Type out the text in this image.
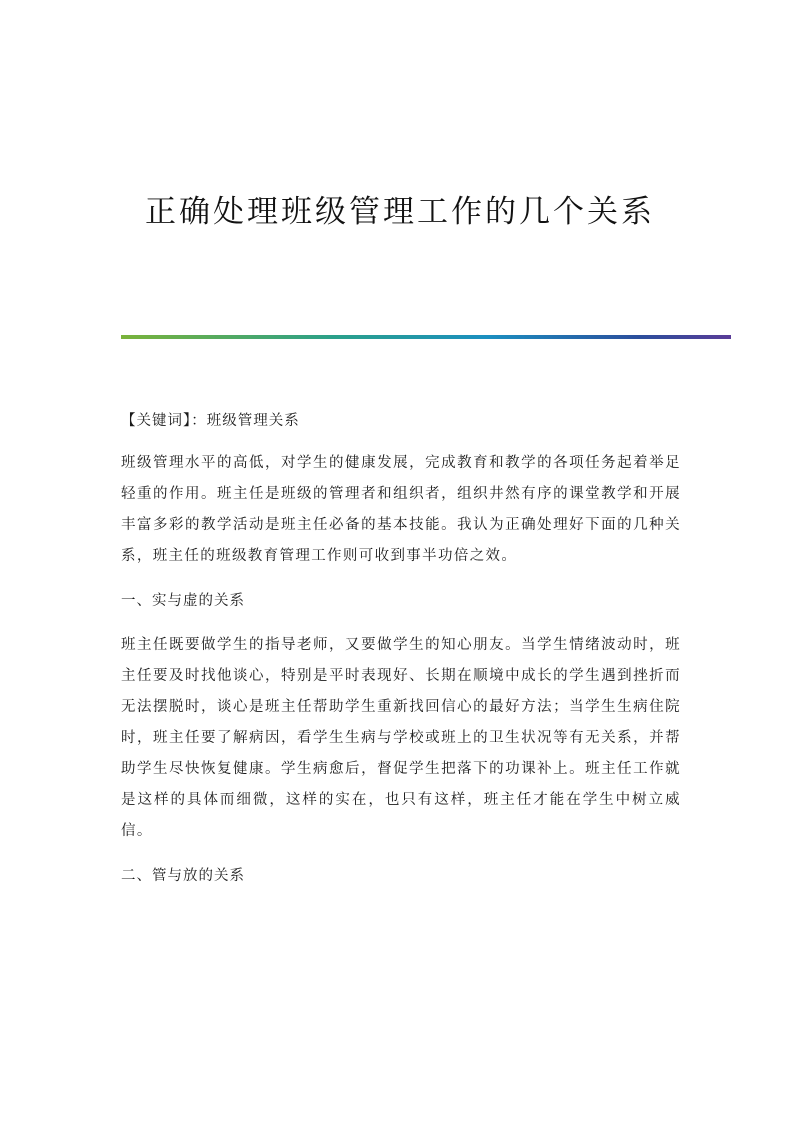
正确处理班级管理工作的几个关系

【关键词】：班级管理关系

班级管理水平的高低，对学生的健康发展，完成教育和教学的各项任务起着举足轻重的作用。班主任是班级的管理者和组织者，组织井然有序的课堂教学和开展丰富多彩的教学活动是班主任必备的基本技能。我认为正确处理好下面的几种关系，班主任的班级教育管理工作则可收到事半功倍之效。

一、实与虚的关系

班主任既要做学生的指导老师，又要做学生的知心朋友。当学生情绪波动时，班主任要及时找他谈心，特别是平时表现好、长期在顺境中成长的学生遇到挫折而无法摆脱时，谈心是班主任帮助学生重新找回信心的最好方法；当学生生病住院时，班主任要了解病因，看学生生病与学校或班上的卫生状况等有无关系，并帮助学生尽快恢复健康。学生病愈后，督促学生把落下的功课补上。班主任工作就是这样的具体而细微，这样的实在，也只有这样，班主任才能在学生中树立威信。

二、管与放的关系
